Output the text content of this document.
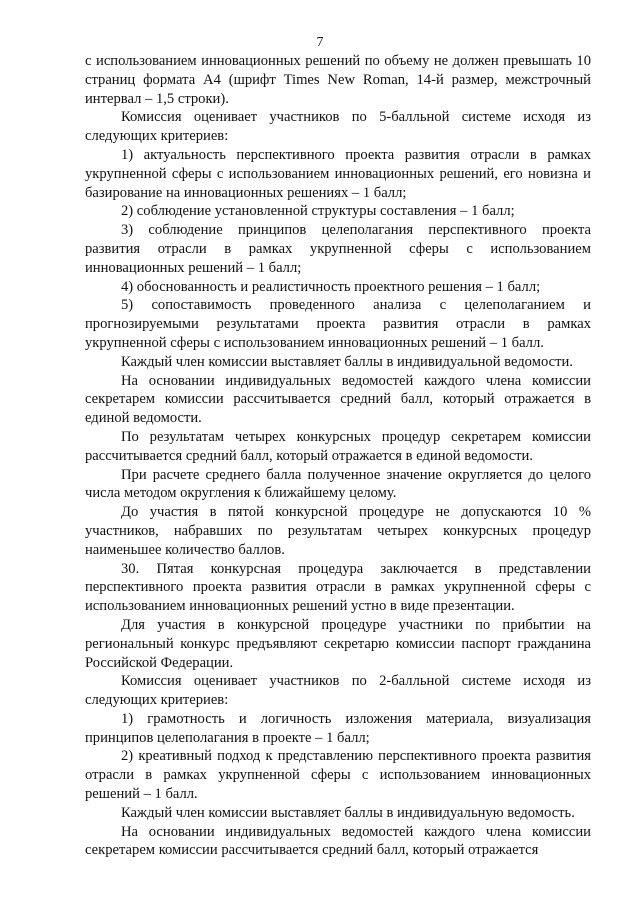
7

с использованием инновационных решений по объему не должен превышать 10 страниц формата А4 (шрифт Times New Roman, 14-й размер, межстрочный интервал – 1,5 строки).

Комиссия оценивает участников по 5-балльной системе исходя из следующих критериев:

1) актуальность перспективного проекта развития отрасли в рамках укрупненной сферы с использованием инновационных решений, его новизна и базирование на инновационных решениях – 1 балл;

2) соблюдение установленной структуры составления – 1 балл;

3) соблюдение принципов целеполагания перспективного проекта развития отрасли в рамках укрупненной сферы с использованием инновационных решений – 1 балл;

4) обоснованность и реалистичность проектного решения – 1 балл;

5) сопоставимость проведенного анализа с целеполаганием и прогнозируемыми результатами проекта развития отрасли в рамках укрупненной сферы с использованием инновационных решений – 1 балл.

Каждый член комиссии выставляет баллы в индивидуальной ведомости.

На основании индивидуальных ведомостей каждого члена комиссии секретарем комиссии рассчитывается средний балл, который отражается в единой ведомости.

По результатам четырех конкурсных процедур секретарем комиссии рассчитывается средний балл, который отражается в единой ведомости.

При расчете среднего балла полученное значение округляется до целого числа методом округления к ближайшему целому.

До участия в пятой конкурсной процедуре не допускаются 10 % участников, набравших по результатам четырех конкурсных процедур наименьшее количество баллов.

30. Пятая конкурсная процедура заключается в представлении перспективного проекта развития отрасли в рамках укрупненной сферы с использованием инновационных решений устно в виде презентации.

Для участия в конкурсной процедуре участники по прибытии на региональный конкурс предъявляют секретарю комиссии паспорт гражданина Российской Федерации.

Комиссия оценивает участников по 2-балльной системе исходя из следующих критериев:

1) грамотность и логичность изложения материала, визуализация принципов целеполагания в проекте – 1 балл;

2) креативный подход к представлению перспективного проекта развития отрасли в рамках укрупненной сферы с использованием инновационных решений – 1 балл.

Каждый член комиссии выставляет баллы в индивидуальную ведомость.

На основании индивидуальных ведомостей каждого члена комиссии секретарем комиссии рассчитывается средний балл, который отражается
